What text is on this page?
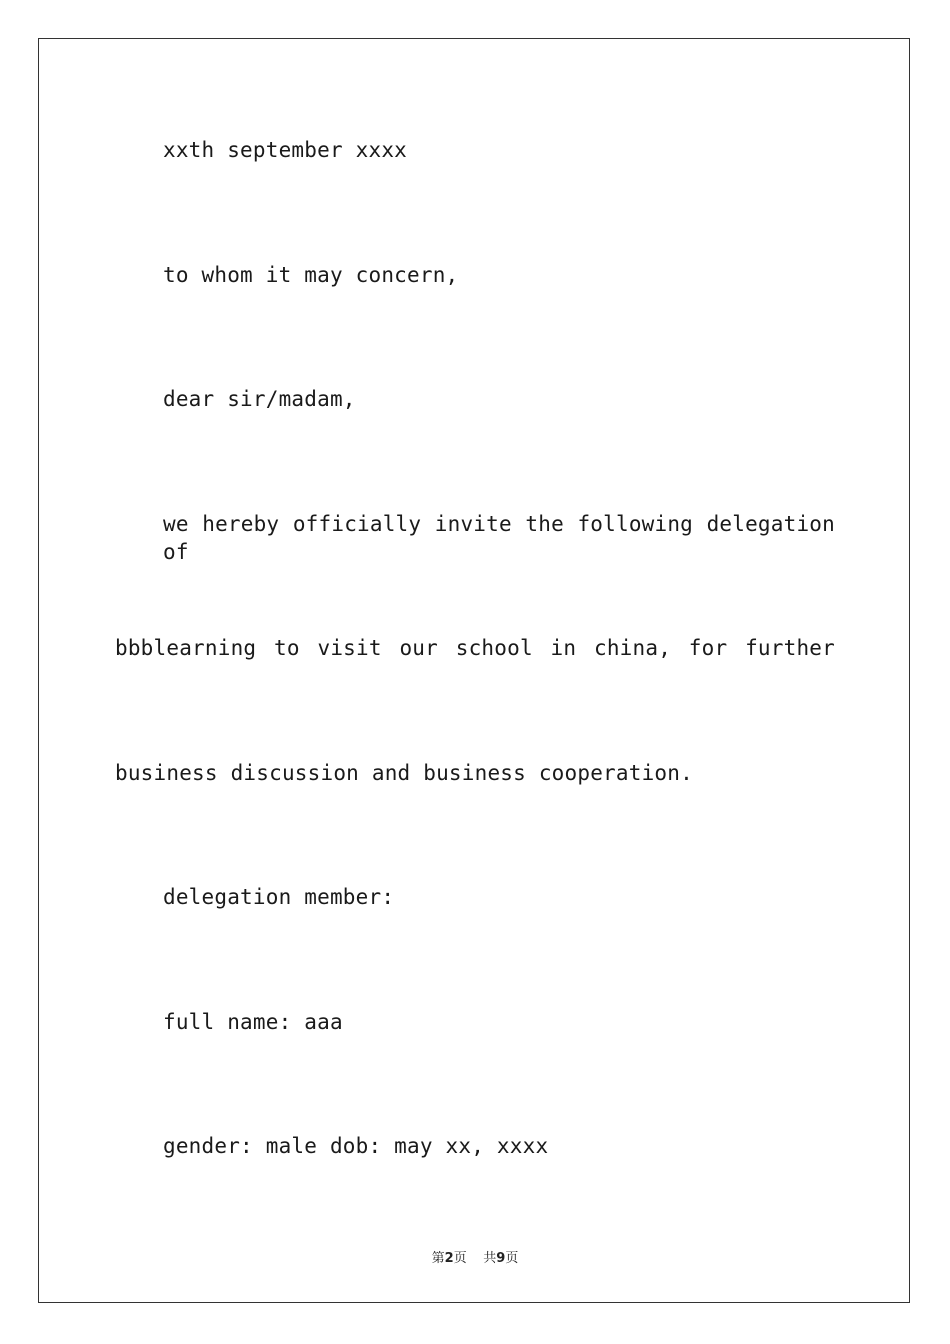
xxth september xxxx
to whom it may concern,
dear sir/madam,
we hereby officially invite the following delegation of
bbblearning to visit our school in china, for further
business discussion and business cooperation.
delegation member:
full name: aaa
gender: male dob: may xx, xxxx
第2页 共9页
